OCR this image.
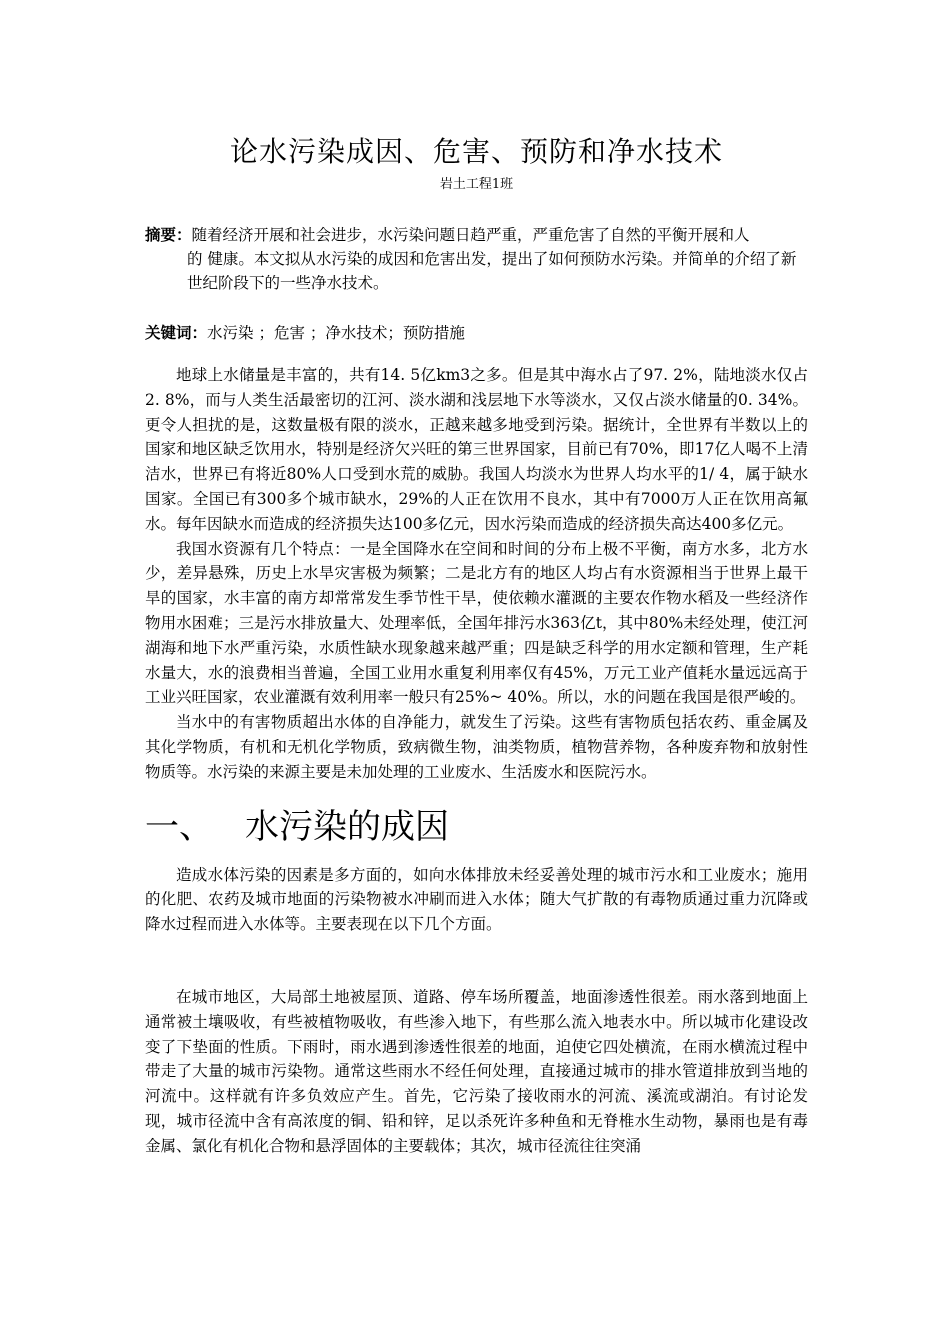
论水污染成因、危害、预防和净水技术
岩土工程1班
摘要：随着经济开展和社会进步，水污染问题日趋严重，严重危害了自然的平衡开展和人
的 健康。本文拟从水污染的成因和危害出发，提出了如何预防水污染。并简单的介绍了新世纪阶段下的一些净水技术。
关键词：水污染 ；危害 ；净水技术；预防措施

地球上水储量是丰富的，共有14. 5亿km3之多。但是其中海水占了97. 2%，陆地淡水仅占2. 8%，而与人类生活最密切的江河、淡水湖和浅层地下水等淡水，又仅占淡水储量的0. 34%。更令人担扰的是，这数量极有限的淡水，正越来越多地受到污染。据统计，全世界有半数以上的国家和地区缺乏饮用水，特别是经济欠兴旺的第三世界国家，目前已有70%，即17亿人喝不上清洁水，世界已有将近80%人口受到水荒的威胁。我国人均淡水为世界人均水平的1/ 4，属于缺水国家。全国已有300多个城市缺水，29%的人正在饮用不良水，其中有7000万人正在饮用高氟水。每年因缺水而造成的经济损失达100多亿元，因水污染而造成的经济损失高达400多亿元。

我国水资源有几个特点：一是全国降水在空间和时间的分布上极不平衡，南方水多，北方水少，差异悬殊，历史上水旱灾害极为频繁；二是北方有的地区人均占有水资源相当于世界上最干旱的国家，水丰富的南方却常常发生季节性干旱，使依赖水灌溉的主要农作物水稻及一些经济作物用水困难；三是污水排放量大、处理率低，全国年排污水363亿t，其中80%未经处理，使江河湖海和地下水严重污染，水质性缺水现象越来越严重；四是缺乏科学的用水定额和管理，生产耗水量大，水的浪费相当普遍，全国工业用水重复利用率仅有45%，万元工业产值耗水量远远高于工业兴旺国家，农业灌溉有效利用率一般只有25%~ 40%。所以，水的问题在我国是很严峻的。

当水中的有害物质超出水体的自净能力，就发生了污染。这些有害物质包括农药、重金属及其化学物质，有机和无机化学物质，致病微生物，油类物质，植物营养物，各种废弃物和放射性物质等。水污染的来源主要是未加处理的工业废水、生活废水和医院污水。

一、 水污染的成因

造成水体污染的因素是多方面的，如向水体排放未经妥善处理的城市污水和工业废水；施用的化肥、农药及城市地面的污染物被水冲刷而进入水体；随大气扩散的有毒物质通过重力沉降或降水过程而进入水体等。主要表现在以下几个方面。

在城市地区，大局部土地被屋顶、道路、停车场所覆盖，地面渗透性很差。雨水落到地面上通常被土壤吸收，有些被植物吸收，有些渗入地下，有些那么流入地表水中。所以城市化建设改变了下垫面的性质。下雨时，雨水遇到渗透性很差的地面，迫使它四处横流，在雨水横流过程中带走了大量的城市污染物。通常这些雨水不经任何处理，直接通过城市的排水管道排放到当地的河流中。这样就有许多负效应产生。首先，它污染了接收雨水的河流、溪流或湖泊。有讨论发现，城市径流中含有高浓度的铜、铅和锌，足以杀死许多种鱼和无脊椎水生动物，暴雨也是有毒金属、氯化有机化合物和悬浮固体的主要载体；其次，城市径流往往突涌
